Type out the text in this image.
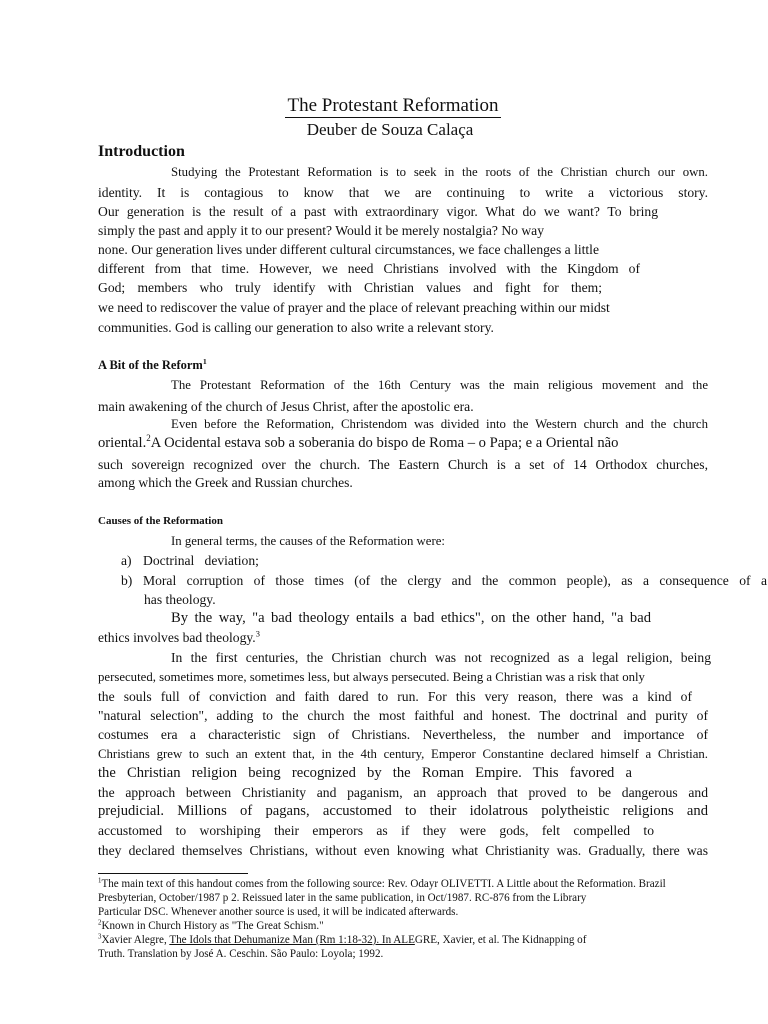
The Protestant Reformation
Deuber de Souza Calaça
Introduction
Studying the Protestant Reformation is to seek in the roots of the Christian church our own.
identity. It is contagious to know that we are continuing to write a victorious story.
Our generation is the result of a past with extraordinary vigor. What do we want? To bring
simply the past and apply it to our present? Would it be merely nostalgia? No way
none. Our generation lives under different cultural circumstances, we face challenges a little
different from that time. However, we need Christians involved with the Kingdom of
God; members who truly identify with Christian values and fight for them;
we need to rediscover the value of prayer and the place of relevant preaching within our midst
communities. God is calling our generation to also write a relevant story.
A Bit of the Reform$^1$
The Protestant Reformation of the 16th Century was the main religious movement and the
main awakening of the church of Jesus Christ, after the apostolic era.
Even before the Reformation, Christendom was divided into the Western church and the church
oriental.$^2$A Ocidental estava sob a soberania do bispo de Roma – o Papa; e a Oriental não
such sovereign recognized over the church. The Eastern Church is a set of 14 Orthodox churches,
among which the Greek and Russian churches.
Causes of the Reformation
In general terms, the causes of the Reformation were:
a) Doctrinal   deviation;
b) Moral corruption of those times (of the clergy and the common people), as a consequence of a
has theology.
By the way, "a bad theology entails a bad ethics", on the other hand, "a bad
ethics involves bad theology.$^3$
In the first centuries, the Christian church was not recognized as a legal religion, being
persecuted, sometimes more, sometimes less, but always persecuted. Being a Christian was a risk that only
the souls full of conviction and faith dared to run. For this very reason, there was a kind of
"natural selection", adding to the church the most faithful and honest. The doctrinal and purity of
costumes era a characteristic sign of Christians. Nevertheless, the number and importance of
Christians grew to such an extent that, in the 4th century, Emperor Constantine declared himself a Christian.
the Christian religion being recognized by the Roman Empire. This favored a
the approach between Christianity and paganism, an approach that proved to be dangerous and
prejudicial. Millions of pagans, accustomed to their idolatrous polytheistic religions and
accustomed to worshiping their emperors as if they were gods, felt compelled to
they declared themselves Christians, without even knowing what Christianity was. Gradually, there was
$^1$The main text of this handout comes from the following source: Rev. Odayr OLIVETTI. A Little about the Reformation. Brazil
Presbyterian, October/1987 p 2. Reissued later in the same publication, in Oct/1987. RC-876 from the Library
Particular DSC. Whenever another source is used, it will be indicated afterwards.
$^2$Known in Church History as "The Great Schism."
$^3$Xavier Alegre, The Idols that Dehumanize Man (Rm 1:18-32). In ALEGRE, Xavier, et al. The Kidnapping of
Truth. Translation by José A. Ceschin. São Paulo: Loyola; 1992.
